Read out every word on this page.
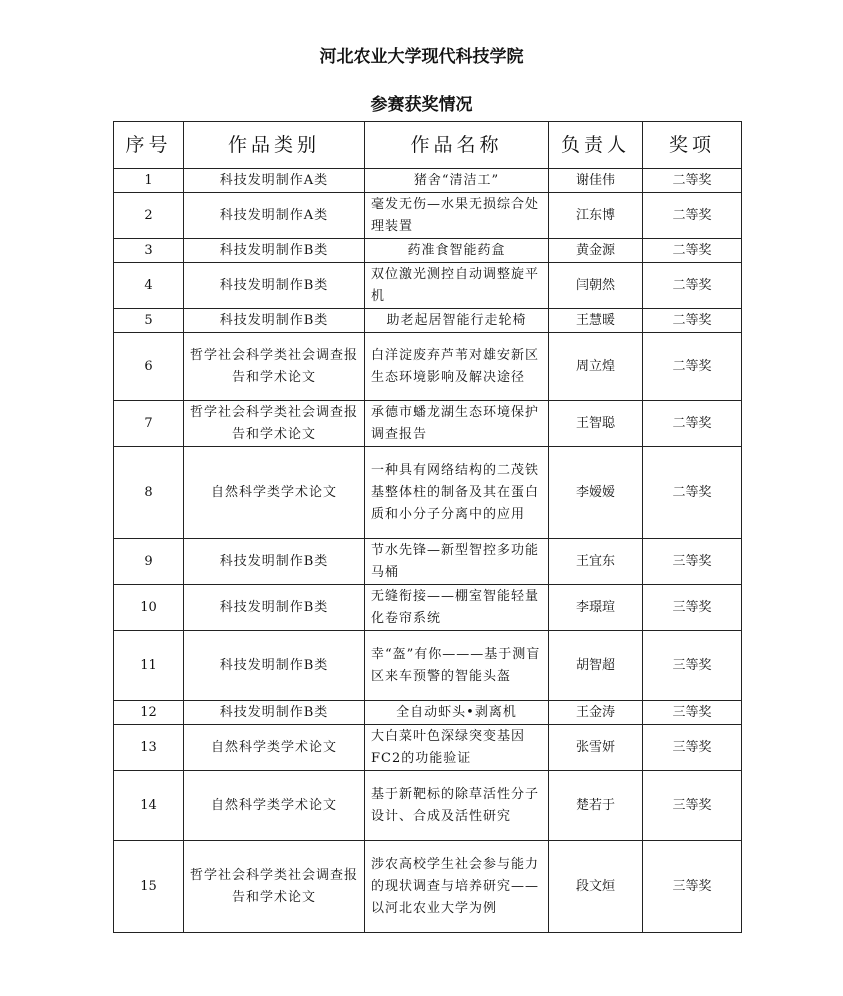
河北农业大学现代科技学院
参赛获奖情况
序号	作品类别	作品名称	负责人	奖项
1	科技发明制作A类	猪舍“清洁工”	谢佳伟	二等奖
2	科技发明制作A类	毫发无伤—水果无损综合处理装置	江东博	二等奖
3	科技发明制作B类	药准食智能药盒	黄金源	二等奖
4	科技发明制作B类	双位激光测控自动调整旋平机	闫朝然	二等奖
5	科技发明制作B类	助老起居智能行走轮椅	王慧暖	二等奖
6	哲学社会科学类社会调查报告和学术论文	白洋淀废弃芦苇对雄安新区生态环境影响及解决途径	周立煌	二等奖
7	哲学社会科学类社会调查报告和学术论文	承德市蟠龙湖生态环境保护调查报告	王智聪	二等奖
8	自然科学类学术论文	一种具有网络结构的二茂铁基整体柱的制备及其在蛋白质和小分子分离中的应用	李嫒嫒	二等奖
9	科技发明制作B类	节水先锋—新型智控多功能马桶	王宜东	三等奖
10	科技发明制作B类	无缝衔接——棚室智能轻量化卷帘系统	李璟瑄	三等奖
11	科技发明制作B类	幸“盔”有你———基于测盲区来车预警的智能头盔	胡智超	三等奖
12	科技发明制作B类	全自动虾头•剥离机	王金涛	三等奖
13	自然科学类学术论文	大白菜叶色深绿突变基因FC2的功能验证	张雪妍	三等奖
14	自然科学类学术论文	基于新靶标的除草活性分子设计、合成及活性研究	楚若于	三等奖
15	哲学社会科学类社会调查报告和学术论文	涉农高校学生社会参与能力的现状调查与培养研究——以河北农业大学为例	段文烜	三等奖
